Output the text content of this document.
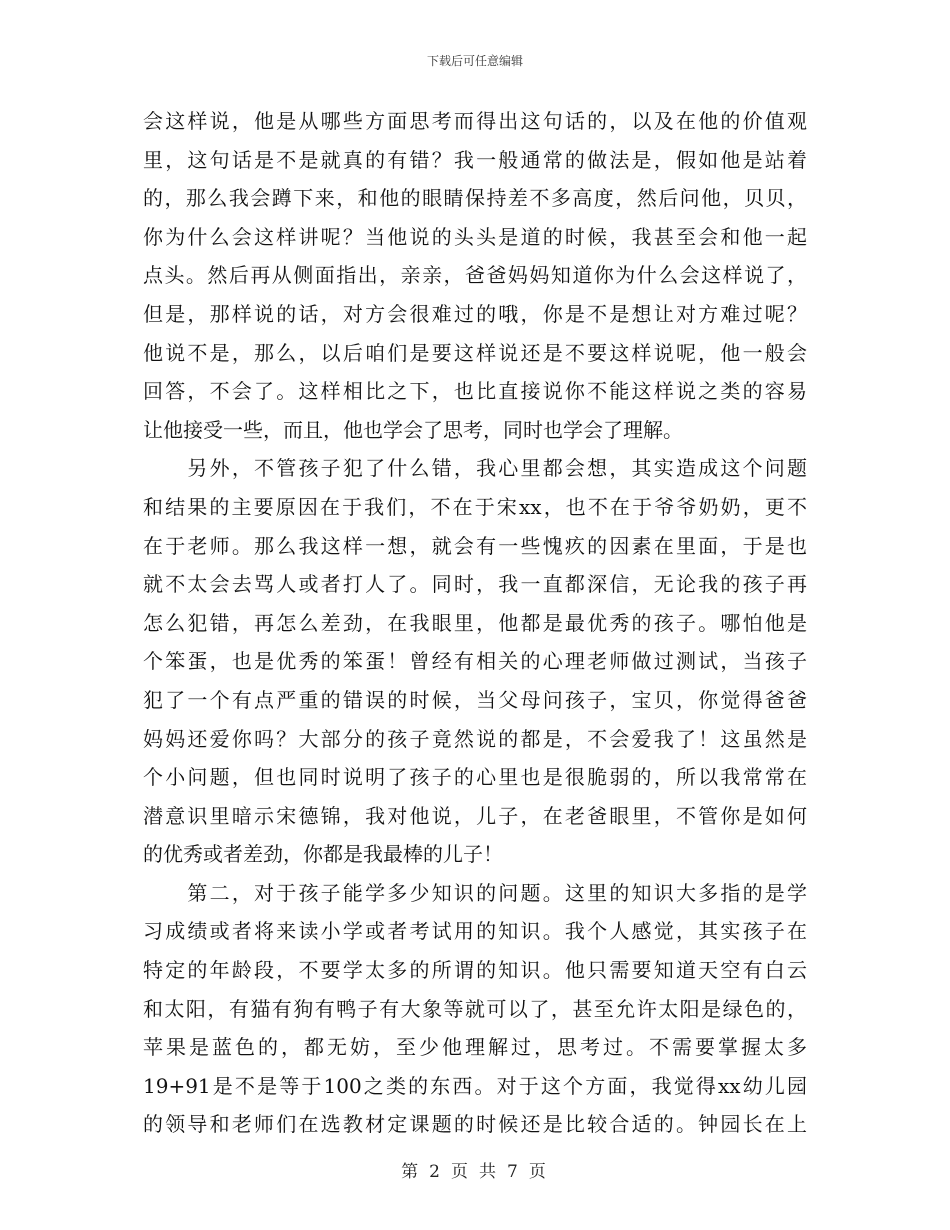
下载后可任意编辑
会这样说，他是从哪些方面思考而得出这句话的，以及在他的价值观
里，这句话是不是就真的有错？我一般通常的做法是，假如他是站着
的，那么我会蹲下来，和他的眼睛保持差不多高度，然后问他，贝贝，
你为什么会这样讲呢？当他说的头头是道的时候，我甚至会和他一起
点头。然后再从侧面指出，亲亲，爸爸妈妈知道你为什么会这样说了，
但是，那样说的话，对方会很难过的哦，你是不是想让对方难过呢？
他说不是，那么，以后咱们是要这样说还是不要这样说呢，他一般会
回答，不会了。这样相比之下，也比直接说你不能这样说之类的容易
让他接受一些，而且，他也学会了思考，同时也学会了理解。
　　另外，不管孩子犯了什么错，我心里都会想，其实造成这个问题
和结果的主要原因在于我们，不在于宋xx，也不在于爷爷奶奶，更不
在于老师。那么我这样一想，就会有一些愧疚的因素在里面，于是也
就不太会去骂人或者打人了。同时，我一直都深信，无论我的孩子再
怎么犯错，再怎么差劲，在我眼里，他都是最优秀的孩子。哪怕他是
个笨蛋，也是优秀的笨蛋！曾经有相关的心理老师做过测试，当孩子
犯了一个有点严重的错误的时候，当父母问孩子，宝贝，你觉得爸爸
妈妈还爱你吗？大部分的孩子竟然说的都是，不会爱我了！这虽然是
个小问题，但也同时说明了孩子的心里也是很脆弱的，所以我常常在
潜意识里暗示宋德锦，我对他说，儿子，在老爸眼里，不管你是如何
的优秀或者差劲，你都是我最棒的儿子！
　　第二，对于孩子能学多少知识的问题。这里的知识大多指的是学
习成绩或者将来读小学或者考试用的知识。我个人感觉，其实孩子在
特定的年龄段，不要学太多的所谓的知识。他只需要知道天空有白云
和太阳，有猫有狗有鸭子有大象等就可以了，甚至允许太阳是绿色的，
苹果是蓝色的，都无妨，至少他理解过，思考过。不需要掌握太多
19+91是不是等于100之类的东西。对于这个方面，我觉得xx幼儿园
的领导和老师们在选教材定课题的时候还是比较合适的。钟园长在上
第 2 页 共 7 页
